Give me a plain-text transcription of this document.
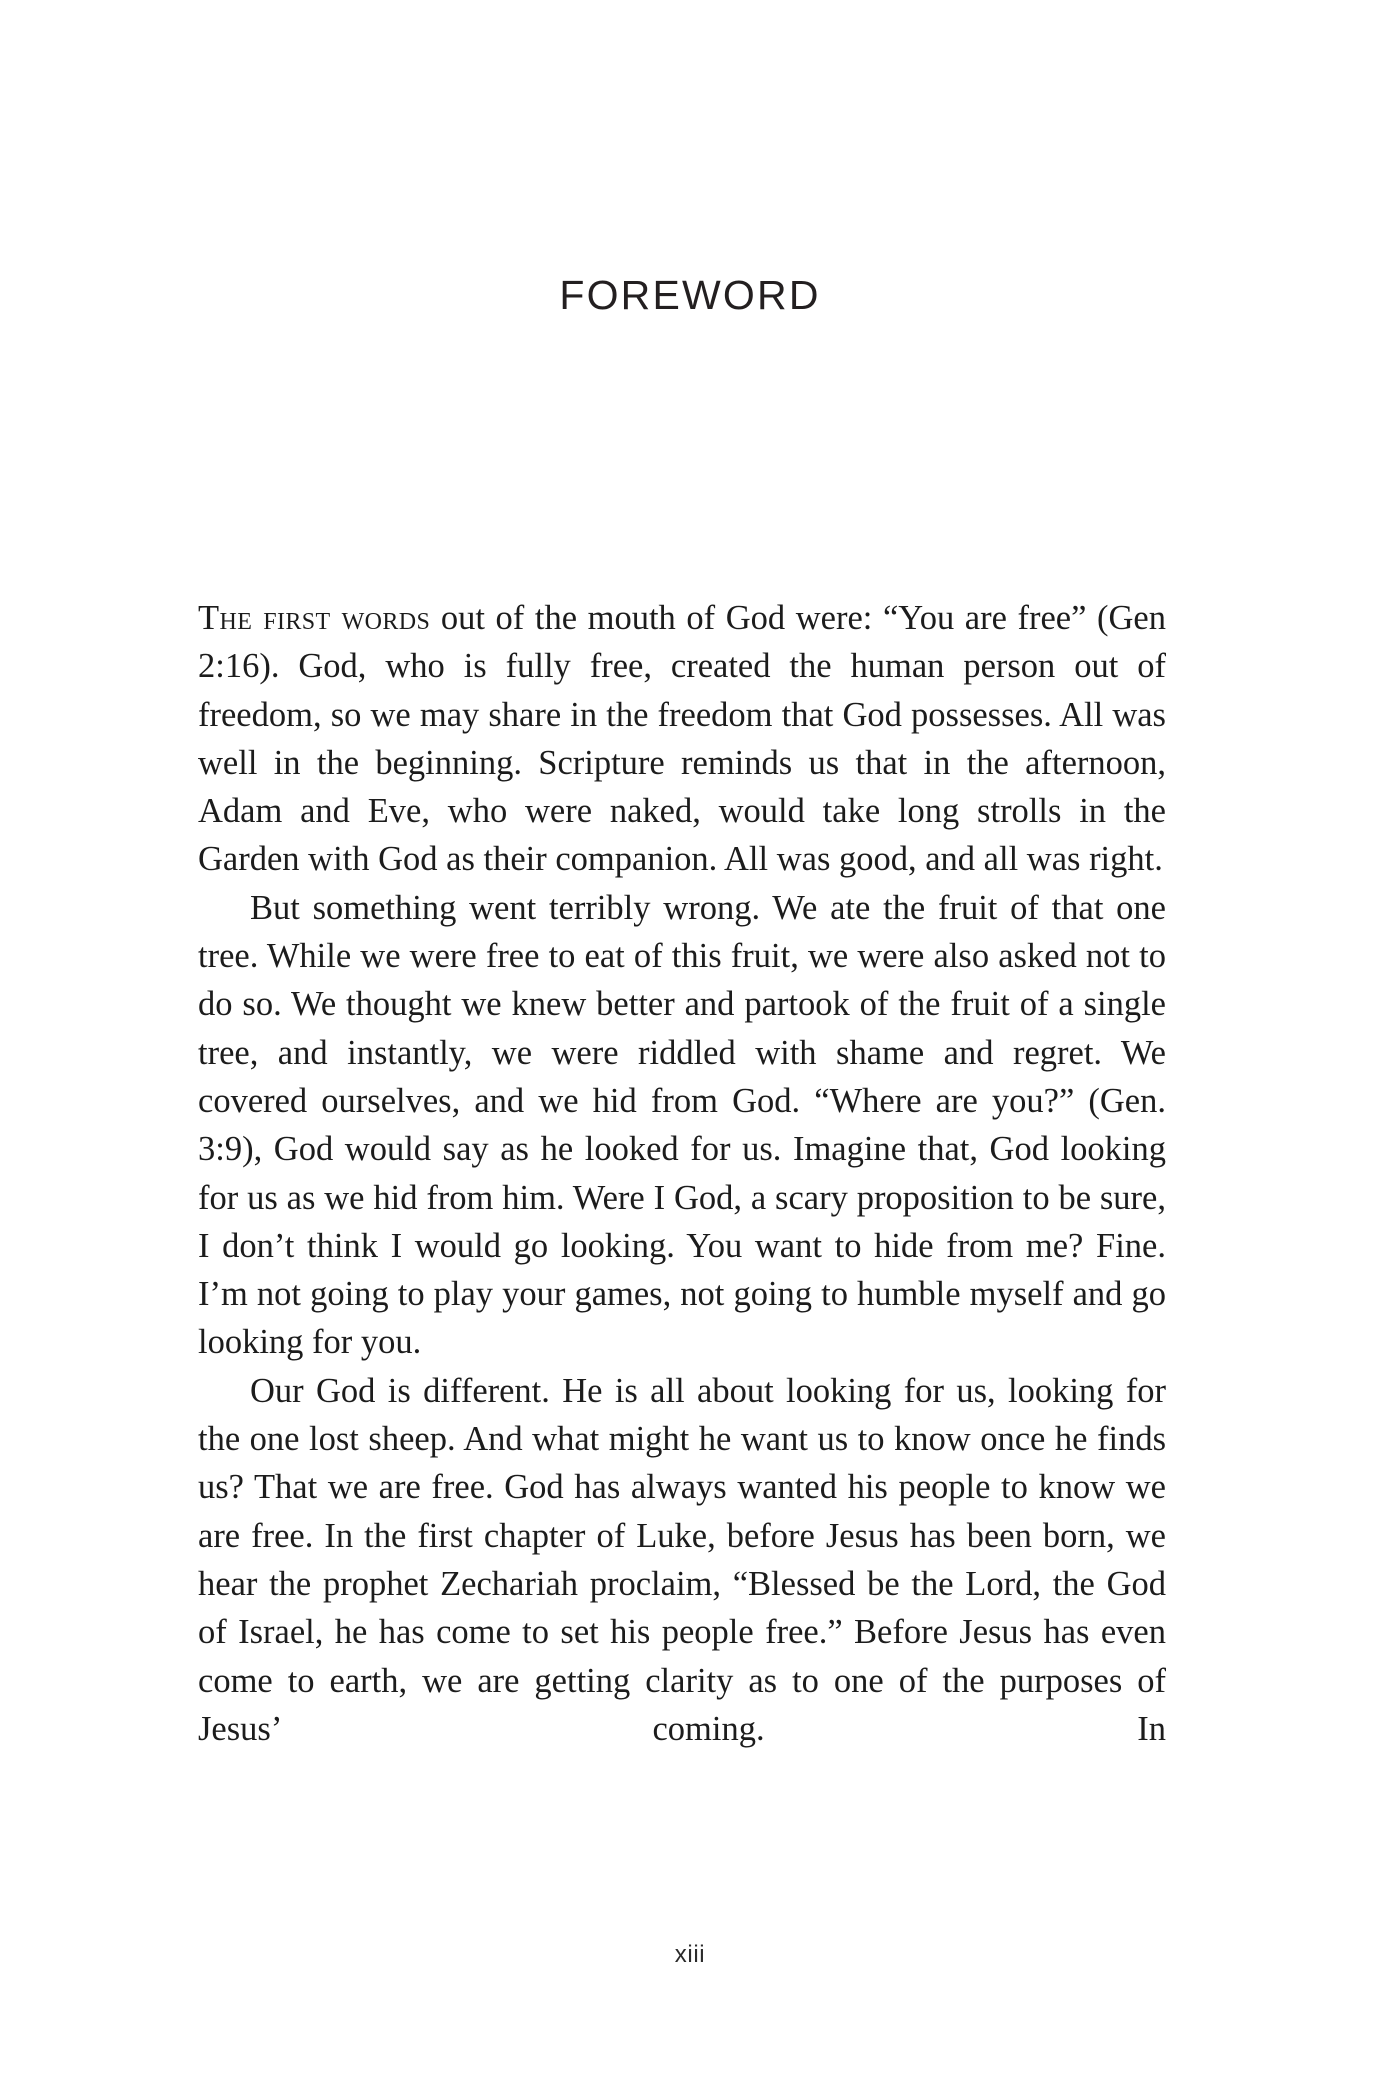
FOREWORD

The first words out of the mouth of God were: “You are free” (Gen 2:16). God, who is fully free, created the human person out of freedom, so we may share in the freedom that God possesses. All was well in the beginning. Scripture reminds us that in the afternoon, Adam and Eve, who were naked, would take long strolls in the Garden with God as their companion. All was good, and all was right.

But something went terribly wrong. We ate the fruit of that one tree. While we were free to eat of this fruit, we were also asked not to do so. We thought we knew better and partook of the fruit of a single tree, and instantly, we were riddled with shame and regret. We covered ourselves, and we hid from God. “Where are you?” (Gen. 3:9), God would say as he looked for us. Imagine that, God looking for us as we hid from him. Were I God, a scary proposition to be sure, I don’t think I would go looking. You want to hide from me? Fine. I’m not going to play your games, not going to humble myself and go looking for you.

Our God is different. He is all about looking for us, looking for the one lost sheep. And what might he want us to know once he finds us? That we are free. God has always wanted his people to know we are free. In the first chapter of Luke, before Jesus has been born, we hear the prophet Zechariah proclaim, “Blessed be the Lord, the God of Israel, he has come to set his people free.” Before Jesus has even come to earth, we are getting clarity as to one of the purposes of Jesus’ coming. In

xiii
